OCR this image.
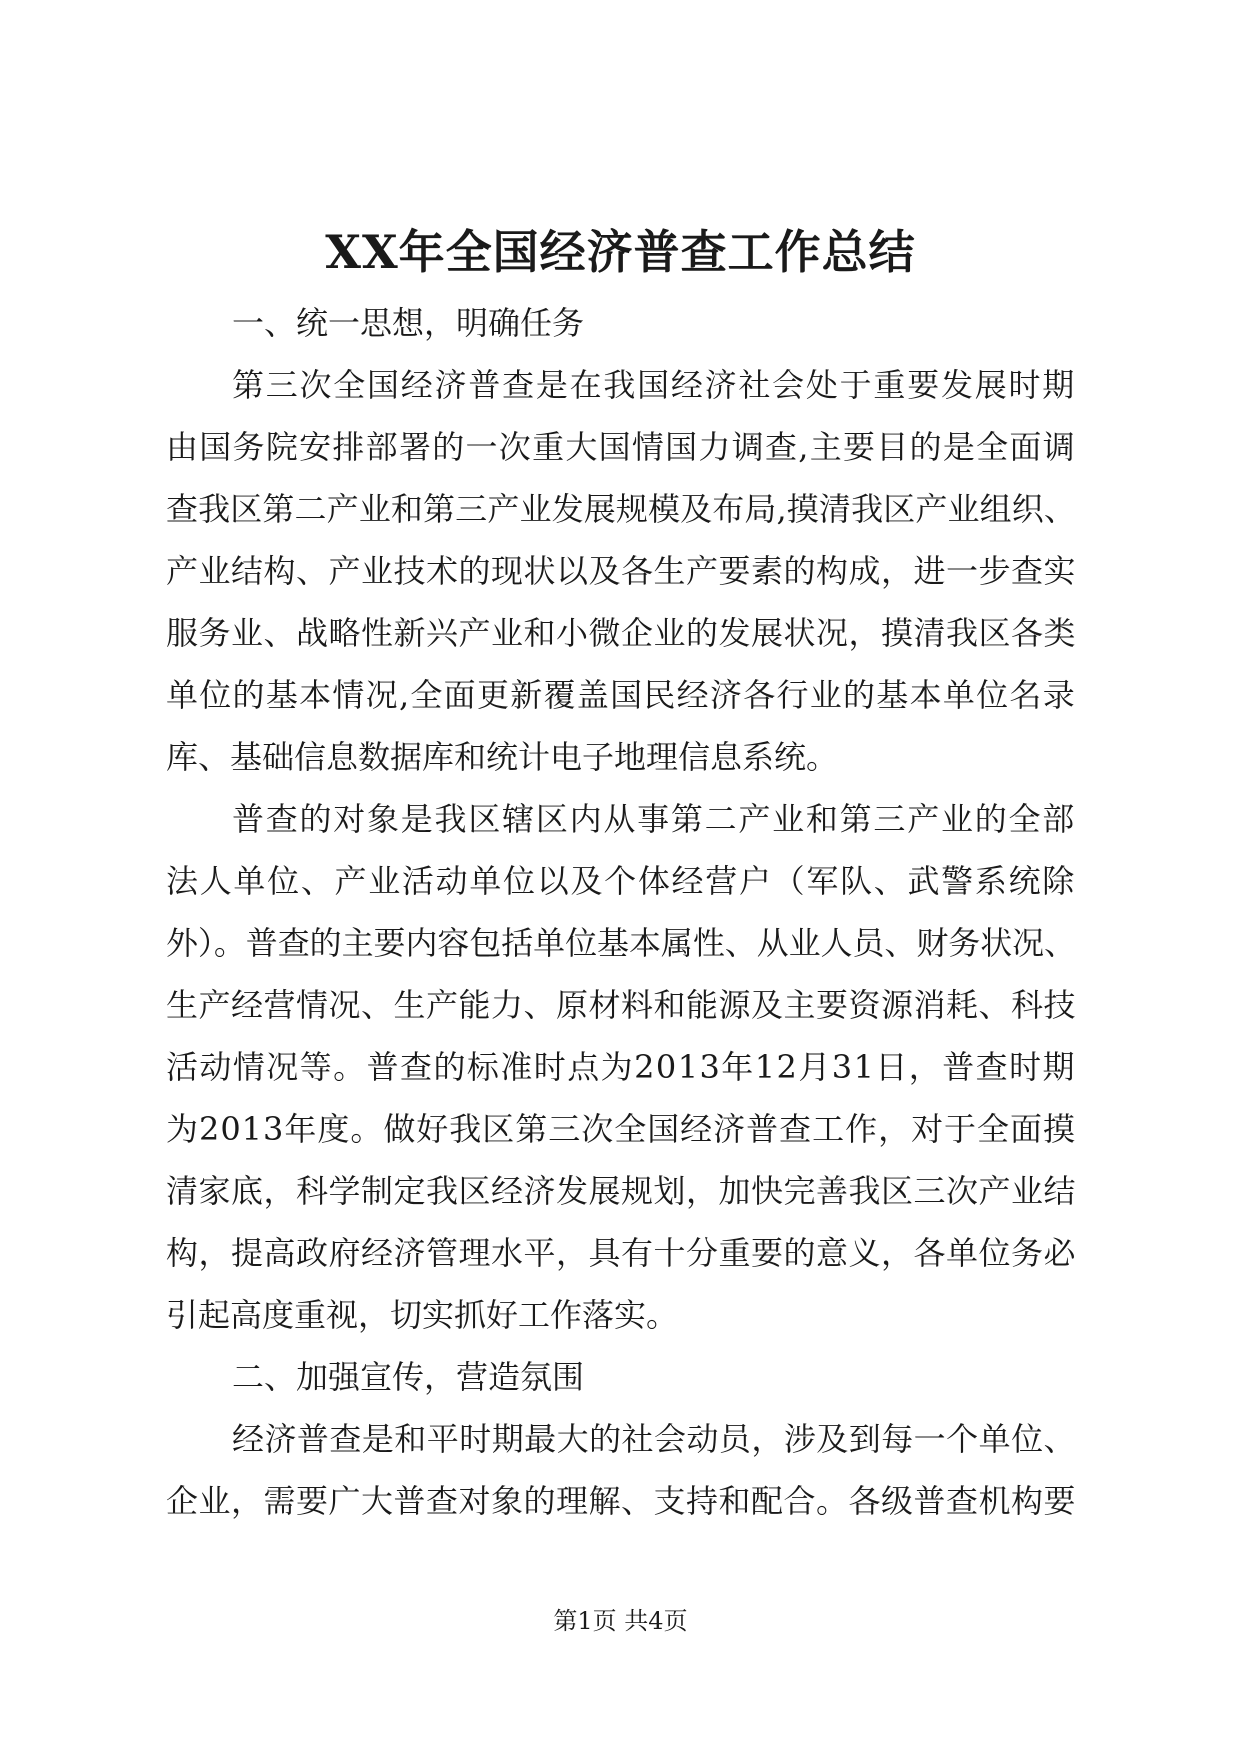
XX年全国经济普查工作总结
一、统一思想，明确任务
第三次全国经济普查是在我国经济社会处于重要发展时期
由国务院安排部署的一次重大国情国力调查,主要目的是全面调
查我区第二产业和第三产业发展规模及布局,摸清我区产业组织、
产业结构、产业技术的现状以及各生产要素的构成，进一步查实
服务业、战略性新兴产业和小微企业的发展状况，摸清我区各类
单位的基本情况,全面更新覆盖国民经济各行业的基本单位名录
库、基础信息数据库和统计电子地理信息系统。
普查的对象是我区辖区内从事第二产业和第三产业的全部
法人单位、产业活动单位以及个体经营户（军队、武警系统除
外）。普查的主要内容包括单位基本属性、从业人员、财务状况、
生产经营情况、生产能力、原材料和能源及主要资源消耗、科技
活动情况等。普查的标准时点为2013年12月31日，普查时期
为2013年度。做好我区第三次全国经济普查工作，对于全面摸
清家底，科学制定我区经济发展规划，加快完善我区三次产业结
构，提高政府经济管理水平，具有十分重要的意义，各单位务必
引起高度重视，切实抓好工作落实。
二、加强宣传，营造氛围
经济普查是和平时期最大的社会动员，涉及到每一个单位、
企业，需要广大普查对象的理解、支持和配合。各级普查机构要
第1页 共4页
